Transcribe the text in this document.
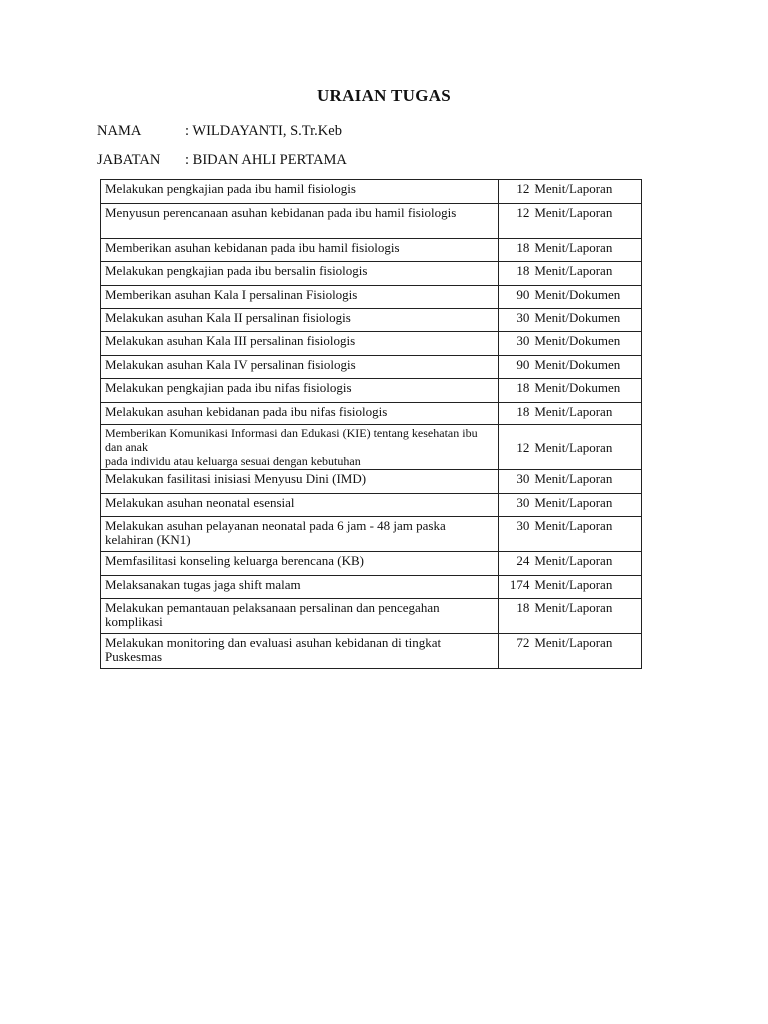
URAIAN TUGAS
NAMA	: WILDAYANTI, S.Tr.Keb
JABATAN : BIDAN AHLI PERTAMA
Melakukan pengkajian pada ibu hamil fisiologis	12 Menit/Laporan
Menyusun perencanaan asuhan kebidanan pada ibu hamil fisiologis	12 Menit/Laporan
Memberikan asuhan kebidanan pada ibu hamil fisiologis	18 Menit/Laporan
Melakukan pengkajian pada ibu bersalin fisiologis	18 Menit/Laporan
Memberikan asuhan Kala I persalinan Fisiologis	90 Menit/Dokumen
Melakukan asuhan Kala II persalinan fisiologis	30 Menit/Dokumen
Melakukan asuhan Kala III persalinan fisiologis	30 Menit/Dokumen
Melakukan asuhan Kala IV persalinan fisiologis	90 Menit/Dokumen
Melakukan pengkajian pada ibu nifas fisiologis	18 Menit/Dokumen
Melakukan asuhan kebidanan pada ibu nifas fisiologis	18 Menit/Laporan
Memberikan Komunikasi Informasi dan Edukasi (KIE) tentang kesehatan ibu dan anak
pada individu atau keluarga sesuai dengan kebutuhan	12 Menit/Laporan
Melakukan fasilitasi inisiasi Menyusu Dini (IMD)	30 Menit/Laporan
Melakukan asuhan neonatal esensial	30 Menit/Laporan
Melakukan asuhan pelayanan neonatal pada 6 jam - 48 jam paska kelahiran (KN1)	30 Menit/Laporan
Memfasilitasi konseling keluarga berencana (KB)	24 Menit/Laporan
Melaksanakan tugas jaga shift malam	174 Menit/Laporan
Melakukan pemantauan pelaksanaan persalinan dan pencegahan komplikasi	18 Menit/Laporan
Melakukan monitoring dan evaluasi asuhan kebidanan di tingkat Puskesmas	72 Menit/Laporan
